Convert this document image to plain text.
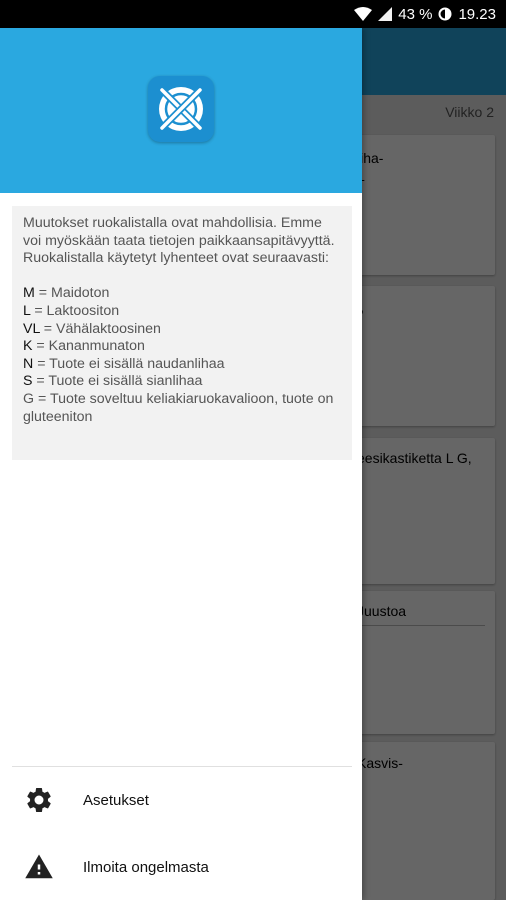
43 % 19.23

Muutokset ruokalistalla ovat mahdollisia. Emme voi myöskään taata tietojen paikkaansapitävyyttä. Ruokalistalla käytetyt lyhenteet ovat seuraavasti:

M = Maidoton
L = Laktoositon
VL = Vähälaktoosinen
K = Kananmunaton
N = Tuote ei sisällä naudanlihaa
S = Tuote ei sisällä sianlihaa
G = Tuote soveltuu keliakiaruokavalioon, tuote on gluteeniton
Asetukset
Ilmoita ongelmasta
